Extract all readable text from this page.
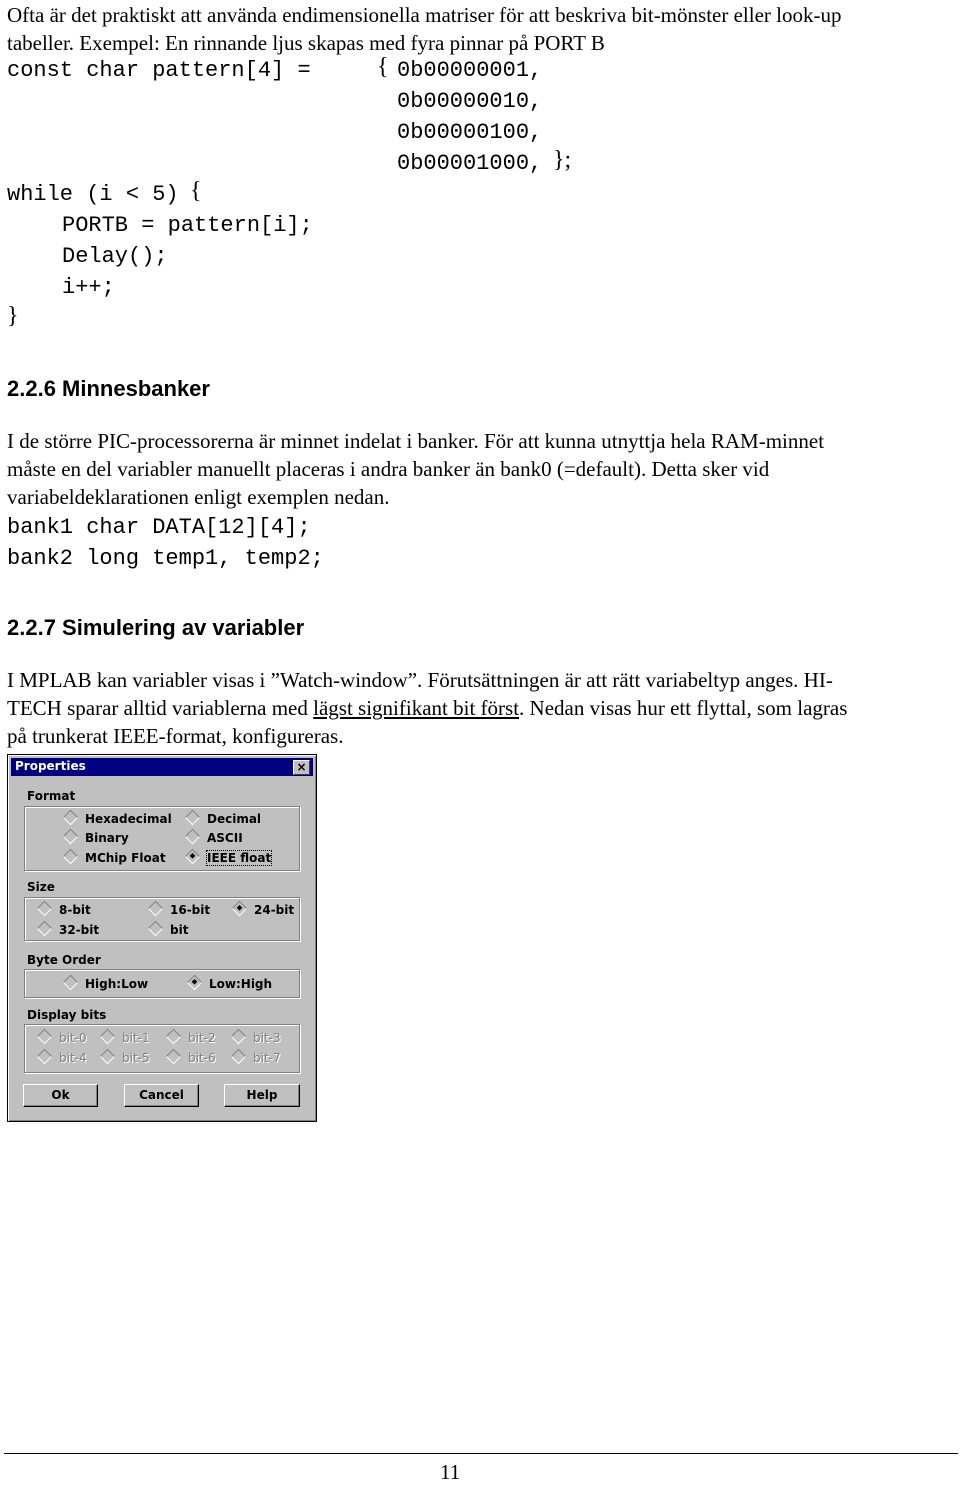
Ofta är det praktiskt att använda endimensionella matriser för att beskriva bit-mönster eller look-up
tabeller. Exempel: En rinnande ljus skapas med fyra pinnar på PORT B
const char pattern[4] =	{ 0b00000001,
0b00000010,
0b00000100,
0b00001000, };
while (i < 5) {
PORTB = pattern[i];
Delay();
i++;
}
2.2.6 Minnesbanker
I de större PIC-processorerna är minnet indelat i banker. För att kunna utnyttja hela RAM-minnet
måste en del variabler manuellt placeras i andra banker än bank0 (=default). Detta sker vid
variabeldeklarationen enligt exemplen nedan.
bank1 char DATA[12][4];
bank2 long temp1, temp2;
2.2.7 Simulering av variabler
I MPLAB kan variabler visas i ”Watch-window”. Förutsättningen är att rätt variabeltyp anges. HI-
TECH sparar alltid variablerna med lägst signifikant bit först. Nedan visas hur ett flyttal, som lagras
på trunkerat IEEE-format, konfigureras.
Properties	×
Format
Hexadecimal	Decimal
Binary	ASCII
MChip Float	IEEE float
Size
8-bit	16-bit	24-bit
32-bit	bit
Byte Order
High:Low	Low:High
Display bits
bit-0	bit-1	bit-2	bit-3
bit-4	bit-5	bit-6	bit-7
Ok	Cancel	Help
11
